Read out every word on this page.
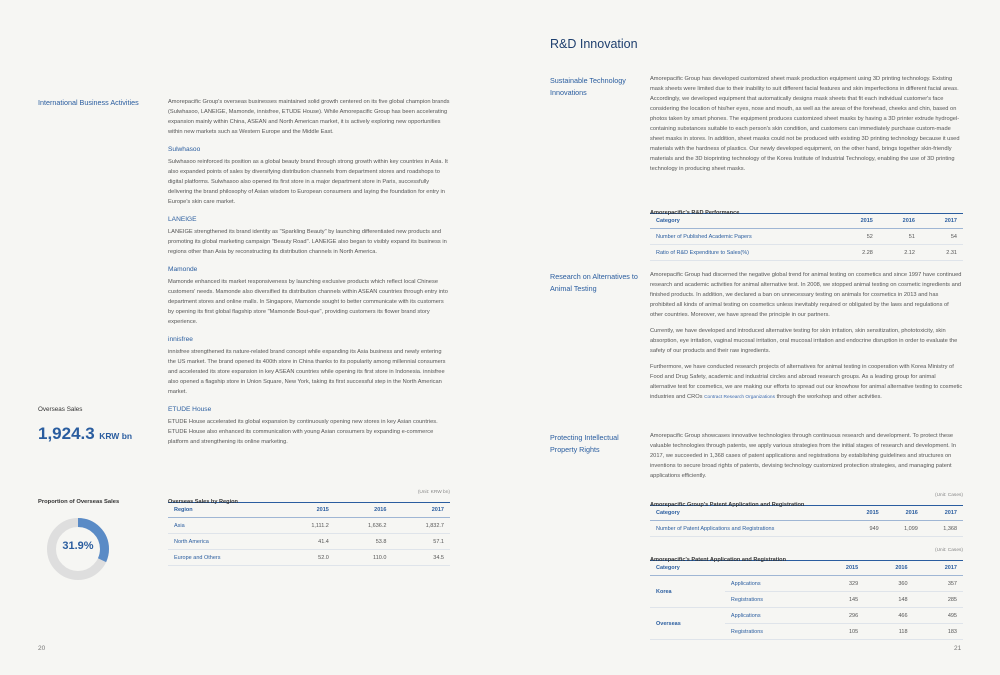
International Business Activities	Amorepacific Group's overseas businesses maintained solid growth centered on its five global champion brands (Sulwhasoo, LANEIGE, Mamonde, innisfree, ETUDE House). While Amorepacific Group has been accelerating expansion mainly within China, ASEAN and North American market, it is actively exploring new opportunities within new markets such as Western Europe and the Middle East.

Sulwhasoo

Sulwhasoo reinforced its position as a global beauty brand through strong growth within key countries in Asia. It also expanded points of sales by diversifying distribution channels from department stores and roadshops to digital platforms. Sulwhasoo also opened its first store in a major department store in Paris, successfully delivering the brand philosophy of Asian wisdom to European consumers and laying the foundation for entry in Europe's skin care market.

LANEIGE

LANEIGE strengthened its brand identity as "Sparkling Beauty" by launching differentiated new products and promoting its global marketing campaign "Beauty Road". LANEIGE also began to visibly expand its business in regions other than Asia by reconstructing its distribution channels in North America.

Mamonde

Mamonde enhanced its market responsiveness by launching exclusive products which reflect local Chinese customers' needs. Mamonde also diversified its distribution channels within ASEAN countries through entry into department stores and online malls. In Singapore, Mamonde sought to better communicate with its customers by opening its first global flagship store "Mamonde Bout-que", providing customers its flower brand story experience.

innisfree

innisfree strengthened its nature-related brand concept while expanding its Asia business and newly entering the US market. The brand opened its 400th store in China thanks to its popularity among millennial consumers and accelerated its store expansion in key ASEAN countries while opening its first store in Indonesia. innisfree also opened a flagship store in Union Square, New York, taking its first successful step in the North American market.

ETUDE House

ETUDE House accelerated its global expansion by continuously opening new stores in key Asian countries. ETUDE House also enhanced its communication with young Asian consumers by expanding e-commerce platform and strengthening its online marketing.

Overseas Sales
1,924.3 KRW bn
Proportion of Overseas Sales
31.9%
Overseas Sales by Region
(Unit: KRW bn)
Region	2015	2016	2017
Asia	1,111.2	1,636.2	1,832.7
North America	41.4	53.8	57.1
Europe and Others	52.0	110.0	34.5
20
R&D Innovation
Sustainable Technology Innovations

Amorepacific Group has developed customized sheet mask production equipment using 3D printing technology. Existing mask sheets were limited due to their inability to suit different facial features and skin imperfections in different facial areas. Accordingly, we developed equipment that automatically designs mask sheets that fit each individual customer's face considering the location of his/her eyes, nose and mouth, as well as the areas of the forehead, cheeks and chin, based on photos taken by smart phones. The equipment produces customized sheet masks by having a 3D printer extrude hydrogel-containing substances suitable to each person's skin condition, and customers can immediately purchase custom-made sheet masks in stores. In addition, sheet masks could not be produced with existing 3D printing technology because it used materials with the hardness of plastics. Our newly developed equipment, on the other hand, brings together skin-friendly materials and the 3D bioprinting technology of the Korea Institute of Industrial Technology, enabling the use of 3D printing technology in producing sheet masks.

Amorepacific's R&D Performance
Category	2015	2016	2017
Number of Published Academic Papers	52	51	54
Ratio of R&D Expenditure to Sales(%)	2.28	2.12	2.31
Research on Alternatives to Animal Testing

Amorepacific Group had discerned the negative global trend for animal testing on cosmetics and since 1997 have continued research and academic activities for animal alternative test. In 2008, we stopped animal testing on cosmetic ingredients and finished products. In addition, we declared a ban on unnecessary testing on animals for cosmetics in 2013 and has prohibited all kinds of animal testing on cosmetics unless inevitably required or obligated by the laws and regulations of other countries. Moreover, we have spread the principle in our partners.

Currently, we have developed and introduced alternative testing for skin irritation, skin sensitization, phototoxicity, skin absorption, eye irritation, vaginal mucosal irritation, oral mucosal irritation and endocrine disruption in order to evaluate the safety of our products and their raw ingredients.

Furthermore, we have conducted research projects of alternatives for animal testing in cooperation with Korea Ministry of Food and Drug Safety, academic and industrial circles and abroad research groups. As a leading group for animal alternative test for cosmetics, we are making our efforts to spread out our knowhow for animal alternative testing to cosmetic industries and CROs Contract Research Organizations through the workshop and other activities.

Protecting Intellectual Property Rights

Amorepacific Group showcases innovative technologies through continuous research and development. To protect these valuable technologies through patents, we apply various strategies from the initial stages of research and development. In 2017, we succeeded in 1,368 cases of patent applications and registrations by establishing guidelines and structures on inventions to secure broad rights of patents, devising technology customized protection strategies, and managing patent applications efficiently.

Amorepacific Group's Patent Application and Registration
(Unit: Cases)
Category	2015	2016	2017
Number of Patent Applications and Registrations	949	1,099	1,368
Amorepacific's Patent Application and Registration
(Unit: Cases)
Category		2015	2016	2017
Korea	Applications	329	360	357
	Registrations	145	148	285
Overseas	Applications	296	466	495
	Registrations	105	118	183
21
